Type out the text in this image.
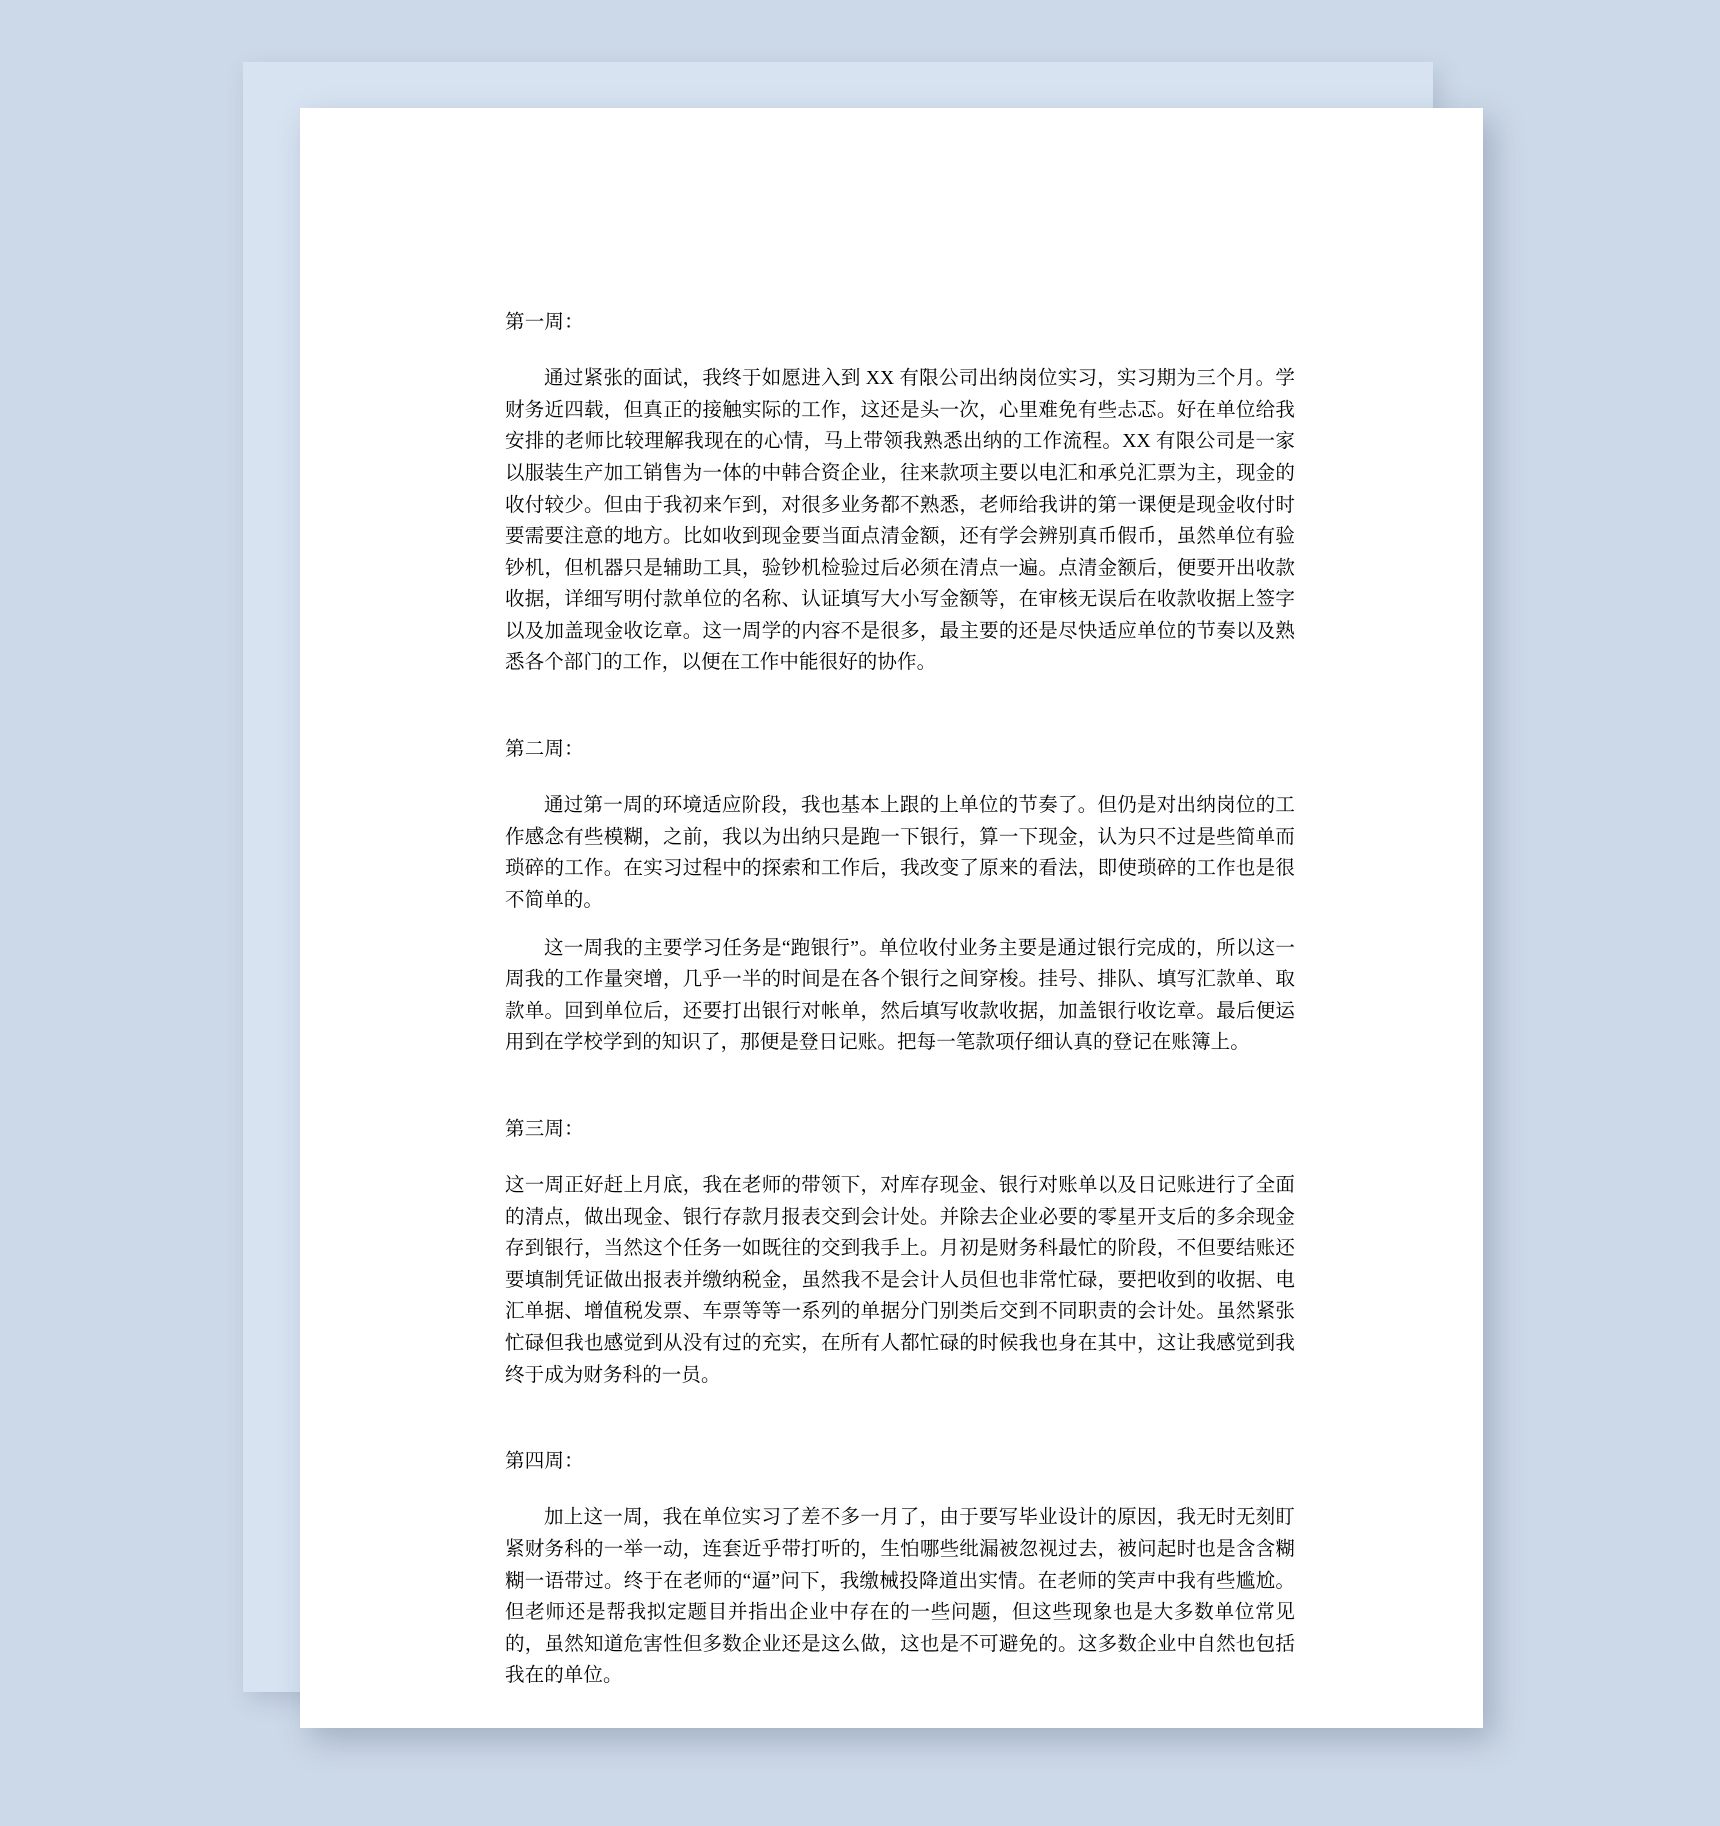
第一周：

通过紧张的面试，我终于如愿进入到 XX 有限公司出纳岗位实习，实习期为三个月。学财务近四载，但真正的接触实际的工作，这还是头一次，心里难免有些忐忑。好在单位给我安排的老师比较理解我现在的心情，马上带领我熟悉出纳的工作流程。XX 有限公司是一家以服装生产加工销售为一体的中韩合资企业，往来款项主要以电汇和承兑汇票为主，现金的收付较少。但由于我初来乍到，对很多业务都不熟悉，老师给我讲的第一课便是现金收付时要需要注意的地方。比如收到现金要当面点清金额，还有学会辨别真币假币，虽然单位有验钞机，但机器只是辅助工具，验钞机检验过后必须在清点一遍。点清金额后，便要开出收款收据，详细写明付款单位的名称、认证填写大小写金额等，在审核无误后在收款收据上签字以及加盖现金收讫章。这一周学的内容不是很多，最主要的还是尽快适应单位的节奏以及熟悉各个部门的工作，以便在工作中能很好的协作。

第二周：

通过第一周的环境适应阶段，我也基本上跟的上单位的节奏了。但仍是对出纳岗位的工作感念有些模糊，之前，我以为出纳只是跑一下银行，算一下现金，认为只不过是些简单而琐碎的工作。在实习过程中的探索和工作后，我改变了原来的看法，即使琐碎的工作也是很不简单的。

这一周我的主要学习任务是“跑银行”。单位收付业务主要是通过银行完成的，所以这一周我的工作量突增，几乎一半的时间是在各个银行之间穿梭。挂号、排队、填写汇款单、取款单。回到单位后，还要打出银行对帐单，然后填写收款收据，加盖银行收讫章。最后便运用到在学校学到的知识了，那便是登日记账。把每一笔款项仔细认真的登记在账簿上。

第三周：

这一周正好赶上月底，我在老师的带领下，对库存现金、银行对账单以及日记账进行了全面的清点，做出现金、银行存款月报表交到会计处。并除去企业必要的零星开支后的多余现金存到银行，当然这个任务一如既往的交到我手上。月初是财务科最忙的阶段，不但要结账还要填制凭证做出报表并缴纳税金，虽然我不是会计人员但也非常忙碌，要把收到的收据、电汇单据、增值税发票、车票等等一系列的单据分门别类后交到不同职责的会计处。虽然紧张忙碌但我也感觉到从没有过的充实，在所有人都忙碌的时候我也身在其中，这让我感觉到我终于成为财务科的一员。

第四周：

加上这一周，我在单位实习了差不多一月了，由于要写毕业设计的原因，我无时无刻盯紧财务科的一举一动，连套近乎带打听的，生怕哪些纰漏被忽视过去，被问起时也是含含糊糊一语带过。终于在老师的“逼”问下，我缴械投降道出实情。在老师的笑声中我有些尴尬。但老师还是帮我拟定题目并指出企业中存在的一些问题，但这些现象也是大多数单位常见的，虽然知道危害性但多数企业还是这么做，这也是不可避免的。这多数企业中自然也包括我在的单位。
